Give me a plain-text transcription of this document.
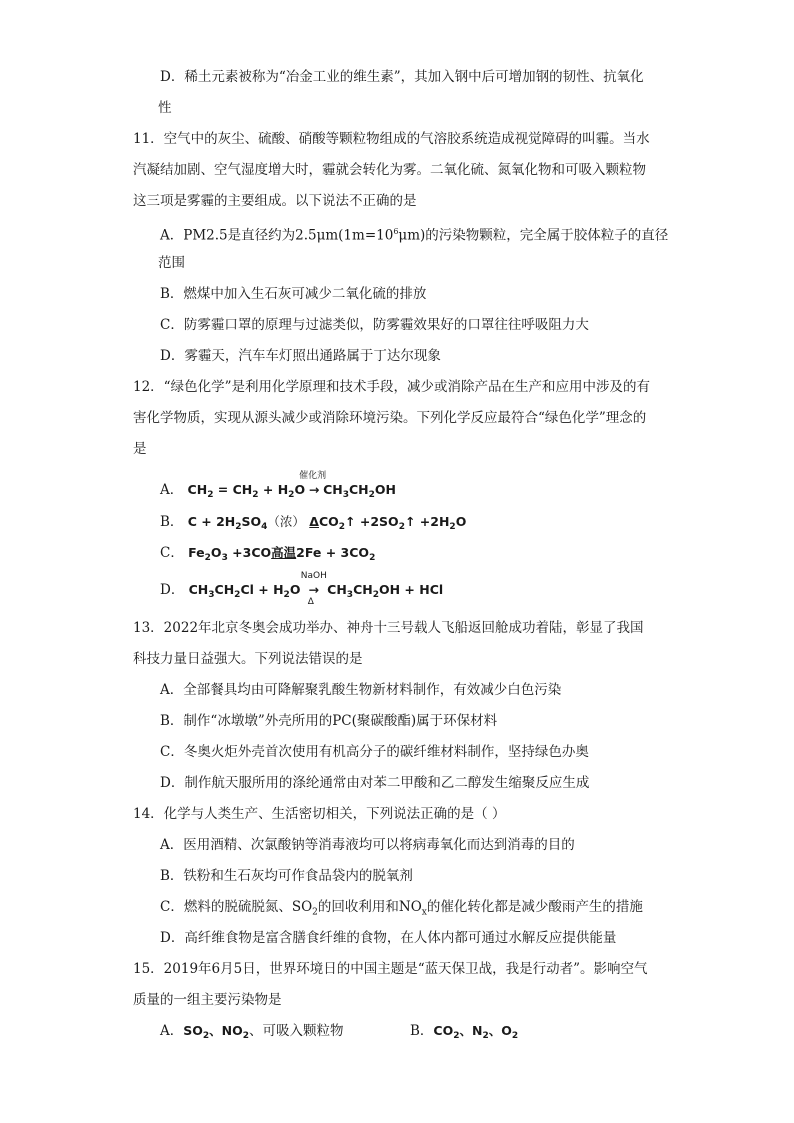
D．稀土元素被称为“冶金工业的维生素”，其加入钢中后可增加钢的韧性、抗氧化
性
11．空气中的灰尘、硫酸、硝酸等颗粒物组成的气溶胶系统造成视觉障碍的叫霾。当水
汽凝结加剧、空气湿度增大时，霾就会转化为雾。二氧化硫、氮氧化物和可吸入颗粒物
这三项是雾霾的主要组成。以下说法不正确的是
A．PM2.5是直径约为$2.5\mu m(1m=10^6\mu m)$的污染物颗粒，完全属于胶体粒子的直径
范围
B．燃煤中加入生石灰可减少二氧化硫的排放
C．防雾霾口罩的原理与过滤类似，防雾霾效果好的口罩往往呼吸阻力大
D．雾霾天，汽车车灯照出通路属于丁达尔现象
12．“绿色化学”是利用化学原理和技术手段，减少或消除产品在生产和应用中涉及的有
害化学物质，实现从源头减少或消除环境污染。下列化学反应最符合“绿色化学”理念的
是
A． $CH_2 = CH_2 + H_2O$
催化剂
→ $CH_3CH_2OH$
B． $C + 2H_2SO_4$（浓） $\Delta CO_2↑$ $+2SO_2↑ +2H_2O$
C． $Fe_2O_3 +3CO$高温$2Fe + 3CO_2$
D． $CH_3CH_2Cl + H_2O$
NaOH
→
Δ
$CH_3CH_2OH$ + HCl
13．2022年北京冬奥会成功举办、神舟十三号载人飞船返回舱成功着陆，彰显了我国
科技力量日益强大。下列说法错误的是
A．全部餐具均由可降解聚乳酸生物新材料制作，有效减少白色污染
B．制作“冰墩墩”外壳所用的PC(聚碳酸酯)属于环保材料
C．冬奥火炬外壳首次使用有机高分子的碳纤维材料制作，坚持绿色办奥
D．制作航天服所用的涤纶通常由对苯二甲酸和乙二醇发生缩聚反应生成
14．化学与人类生产、生活密切相关，下列说法正确的是（ ）
A．医用酒精、次氯酸钠等消毒液均可以将病毒氧化而达到消毒的目的
B．铁粉和生石灰均可作食品袋内的脱氧剂
C．燃料的脱硫脱氮、$SO_2$的回收利用和$NO_x$的催化转化都是减少酸雨产生的措施
D．高纤维食物是富含膳食纤维的食物，在人体内都可通过水解反应提供能量
15．2019年6月5日，世界环境日的中国主题是“蓝天保卫战，我是行动者”。影响空气
质量的一组主要污染物是
A．$SO_2$、$NO_2$、可吸入颗粒物	B．$CO_2$、$N_2$、$O_2$
